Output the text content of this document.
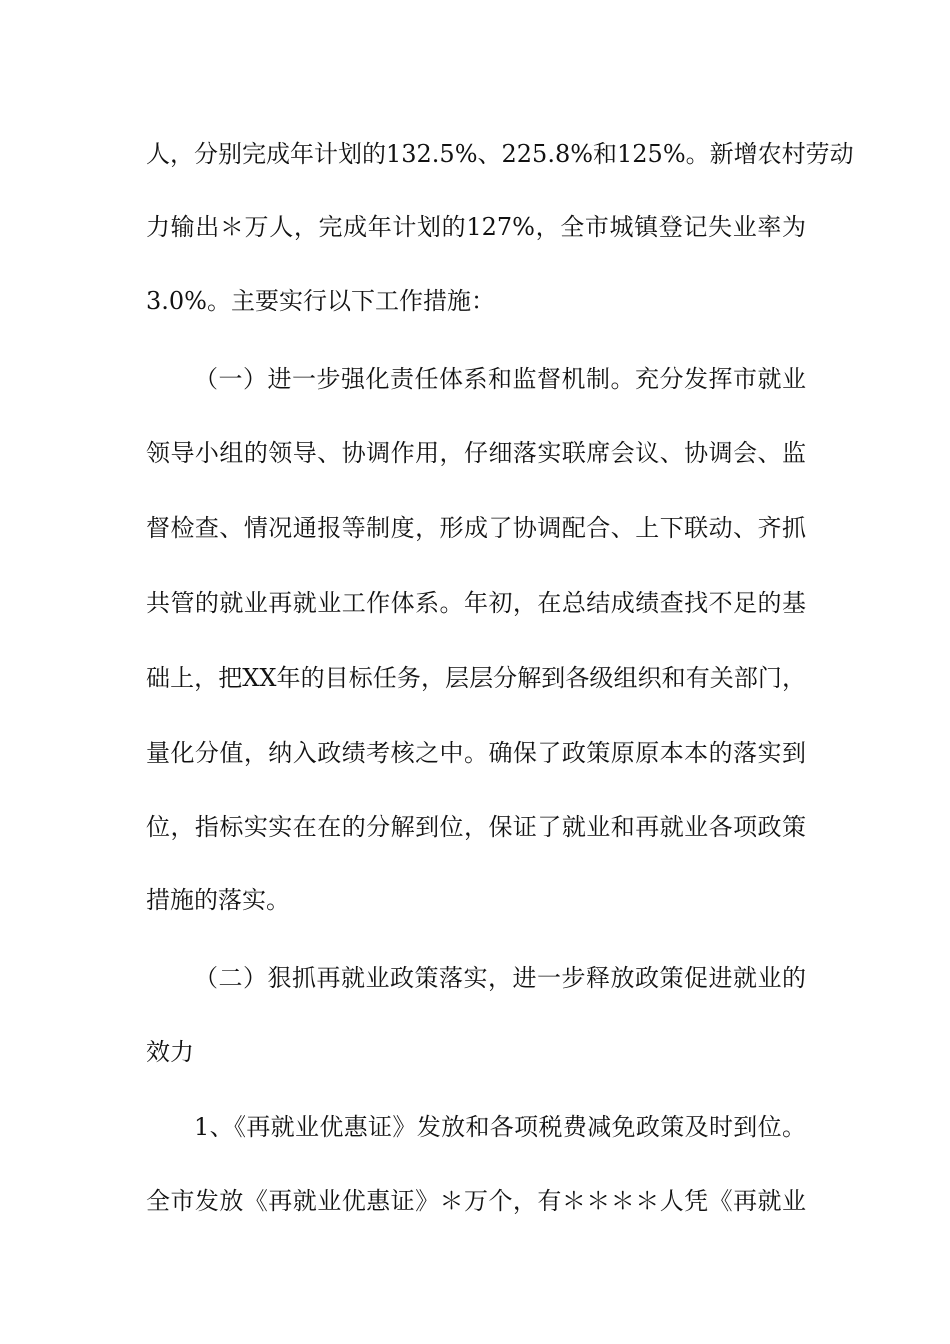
人，分别完成年计划的132.5%、225.8%和125%。新增农村劳动
力输出＊万人，完成年计划的127%，全市城镇登记失业率为
3.0%。主要实行以下工作措施：
（一）进一步强化责任体系和监督机制。充分发挥市就业
领导小组的领导、协调作用，仔细落实联席会议、协调会、监
督检查、情况通报等制度，形成了协调配合、上下联动、齐抓
共管的就业再就业工作体系。年初，在总结成绩查找不足的基
础上，把XX年的目标任务，层层分解到各级组织和有关部门，
量化分值，纳入政绩考核之中。确保了政策原原本本的落实到
位，指标实实在在的分解到位，保证了就业和再就业各项政策
措施的落实。
（二）狠抓再就业政策落实，进一步释放政策促进就业的
效力
1、《再就业优惠证》发放和各项税费减免政策及时到位。
全市发放《再就业优惠证》＊万个，有＊＊＊＊人凭《再就业
